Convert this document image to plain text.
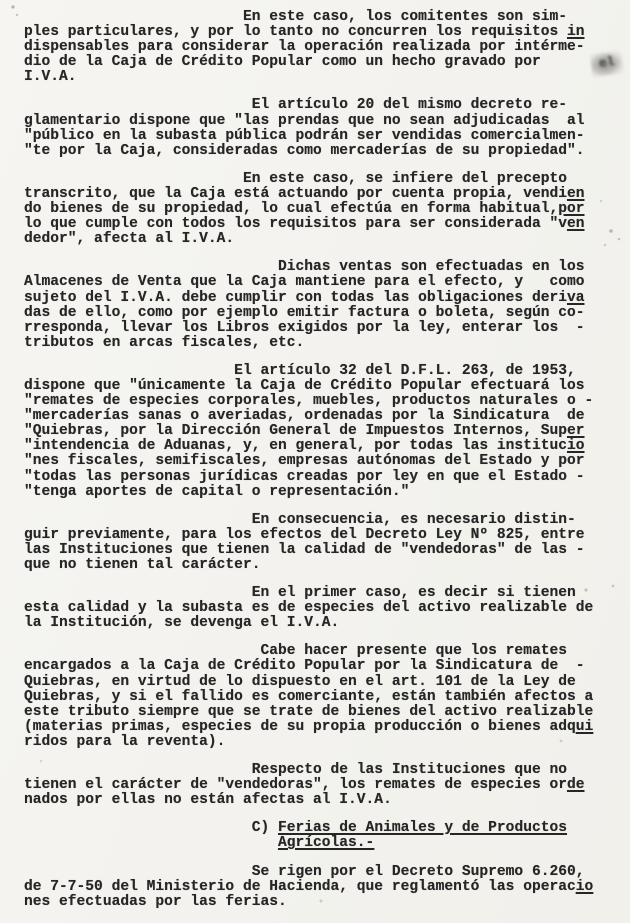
En este caso, los comitentes son sim-
ples particulares, y por lo tanto no concurren los requisitos in
dispensables para considerar la operación realizada por intérme-
dio de la Caja de Crédito Popular como un hecho gravado por
I.V.A.
El artículo 20 del mismo decreto re-
glamentario dispone que "las prendas que no sean adjudicadas  al
"público en la subasta pública podrán ser vendidas comercialmen-
"te por la Caja, consideradas como mercaderías de su propiedad".
En este caso, se infiere del precepto
transcrito, que la Caja está actuando por cuenta propia, vendien
do bienes de su propiedad, lo cual efectúa en forma habitual,por
lo que cumple con todos los requisitos para ser considerada "ven
dedor", afecta al I.V.A.
Dichas ventas son efectuadas en los
Almacenes de Venta que la Caja mantiene para el efecto, y   como
sujeto del I.V.A. debe cumplir con todas las obligaciones deriva
das de ello, como por ejemplo emitir factura o boleta, según co-
rresponda, llevar los Libros exigidos por la ley, enterar los  -
tributos en arcas fiscales, etc.
El artículo 32 del D.F.L. 263, de 1953,
dispone que "únicamente la Caja de Crédito Popular efectuará los
"remates de especies corporales, muebles, productos naturales o -
"mercaderías sanas o averiadas, ordenadas por la Sindicatura  de
"Quiebras, por la Dirección General de Impuestos Internos, Super
"intendencia de Aduanas, y, en general, por todas las institucio
"nes fiscales, semifiscales, empresas autónomas del Estado y por
"todas las personas jurídicas creadas por ley en que el Estado -
"tenga aportes de capital o representación."
En consecuencia, es necesario distin-
guir previamente, para los efectos del Decreto Ley Nº 825, entre
las Instituciones que tienen la calidad de "vendedoras" de las -
que no tienen tal carácter.
En el primer caso, es decir si tienen
esta calidad y la subasta es de especies del activo realizable de
la Institución, se devenga el I.V.A.
Cabe hacer presente que los remates
encargados a la Caja de Crédito Popular por la Sindicatura de  -
Quiebras, en virtud de lo dispuesto en el art. 101 de la Ley de
Quiebras, y si el fallido es comerciante, están también afectos a
este tributo siempre que se trate de bienes del activo realizable
(materias primas, especies de su propia producción o bienes adqui
ridos para la reventa).
Respecto de las Instituciones que no
tienen el carácter de "vendedoras", los remates de especies orde
nados por ellas no están afectas al I.V.A.
C) Ferias de Animales y de Productos
Agrícolas.-
Se rigen por el Decreto Supremo 6.260,
de 7-7-50 del Ministerio de Hacienda, que reglamentó las operacio
nes efectuadas por las ferias.
el
